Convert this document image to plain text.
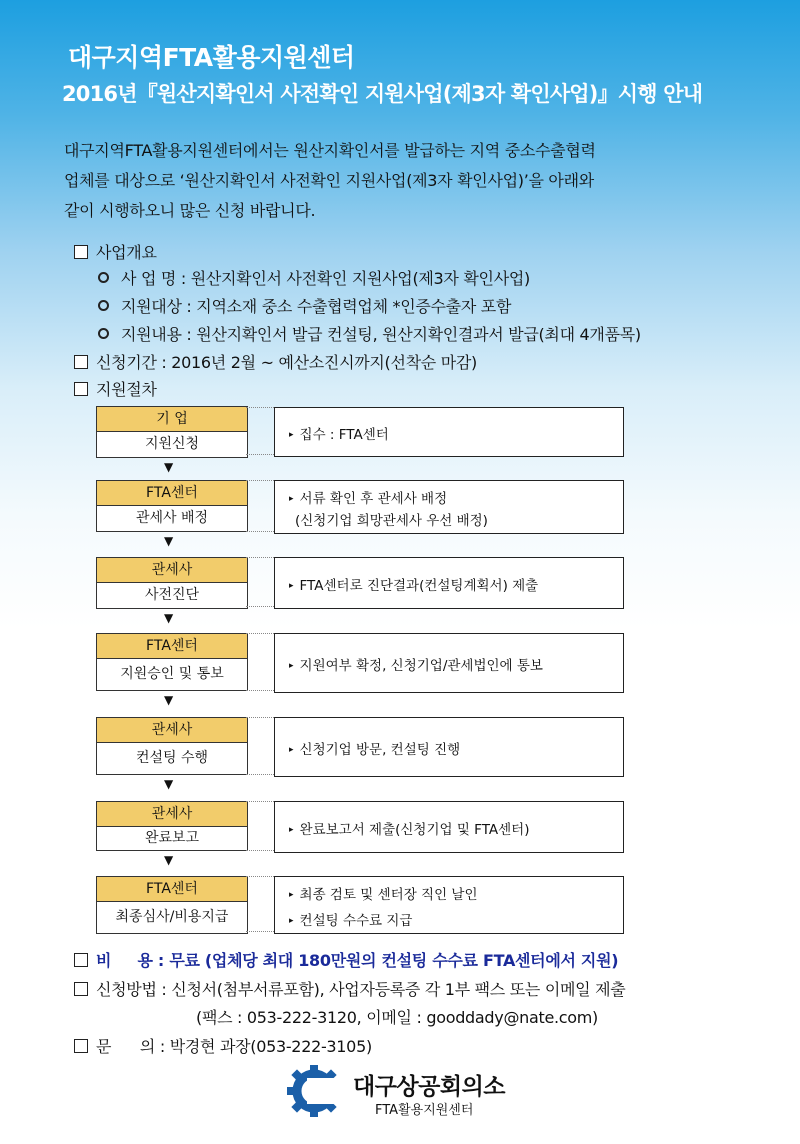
대구지역FTA활용지원센터
2016년『원산지확인서 사전확인 지원사업(제3자 확인사업)』시행 안내
대구지역FTA활용지원센터에서는 원산지확인서를 발급하는 지역 중소수출협력
업체를 대상으로 ‘원산지확인서 사전확인 지원사업(제3자 확인사업)’을 아래와
같이 시행하오니 많은 신청 바랍니다.
사업개요
사 업 명 : 원산지확인서 사전확인 지원사업(제3자 확인사업)
지원대상 : 지역소재 중소 수출협력업체 *인증수출자 포함
지원내용 : 원산지확인서 발급 컨설팅, 원산지확인결과서 발급(최대 4개품목)
신청기간 : 2016년 2월 ~ 예산소진시까지(선착순 마감)
지원절차
기 업
지원신청
▸ 집수 : FTA센터
▼
FTA센터
관세사 배정
▸ 서류 확인 후 관세사 배정
(신청기업 희망관세사 우선 배정)
▼
관세사
사전진단
▸ FTA센터로 진단결과(컨설팅계획서) 제출
▼
FTA센터
지원승인 및 통보	▸ 지원여부 확정, 신청기업/관세법인에 통보
▼
관세사
컨설팅 수행	▸ 신청기업 방문, 컨설팅 진행
▼
관세사
완료보고	▸ 완료보고서 제출(신청기업 및 FTA센터)
▼
FTA센터
최종심사/비용지급
▸ 최종 검토 및 센터장 직인 날인
▸ 컨설팅 수수료 지급
비     용 : 무료 (업체당 최대 180만원의 컨설팅 수수료 FTA센터에서 지원)
신청방법 : 신청서(첨부서류포함), 사업자등록증 각 1부 팩스 또는 이메일 제출
(팩스 : 053-222-3120, 이메일 : gooddady@nate.com)
문      의 : 박경현 과장(053-222-3105)
대구상공회의소
FTA활용지원센터
